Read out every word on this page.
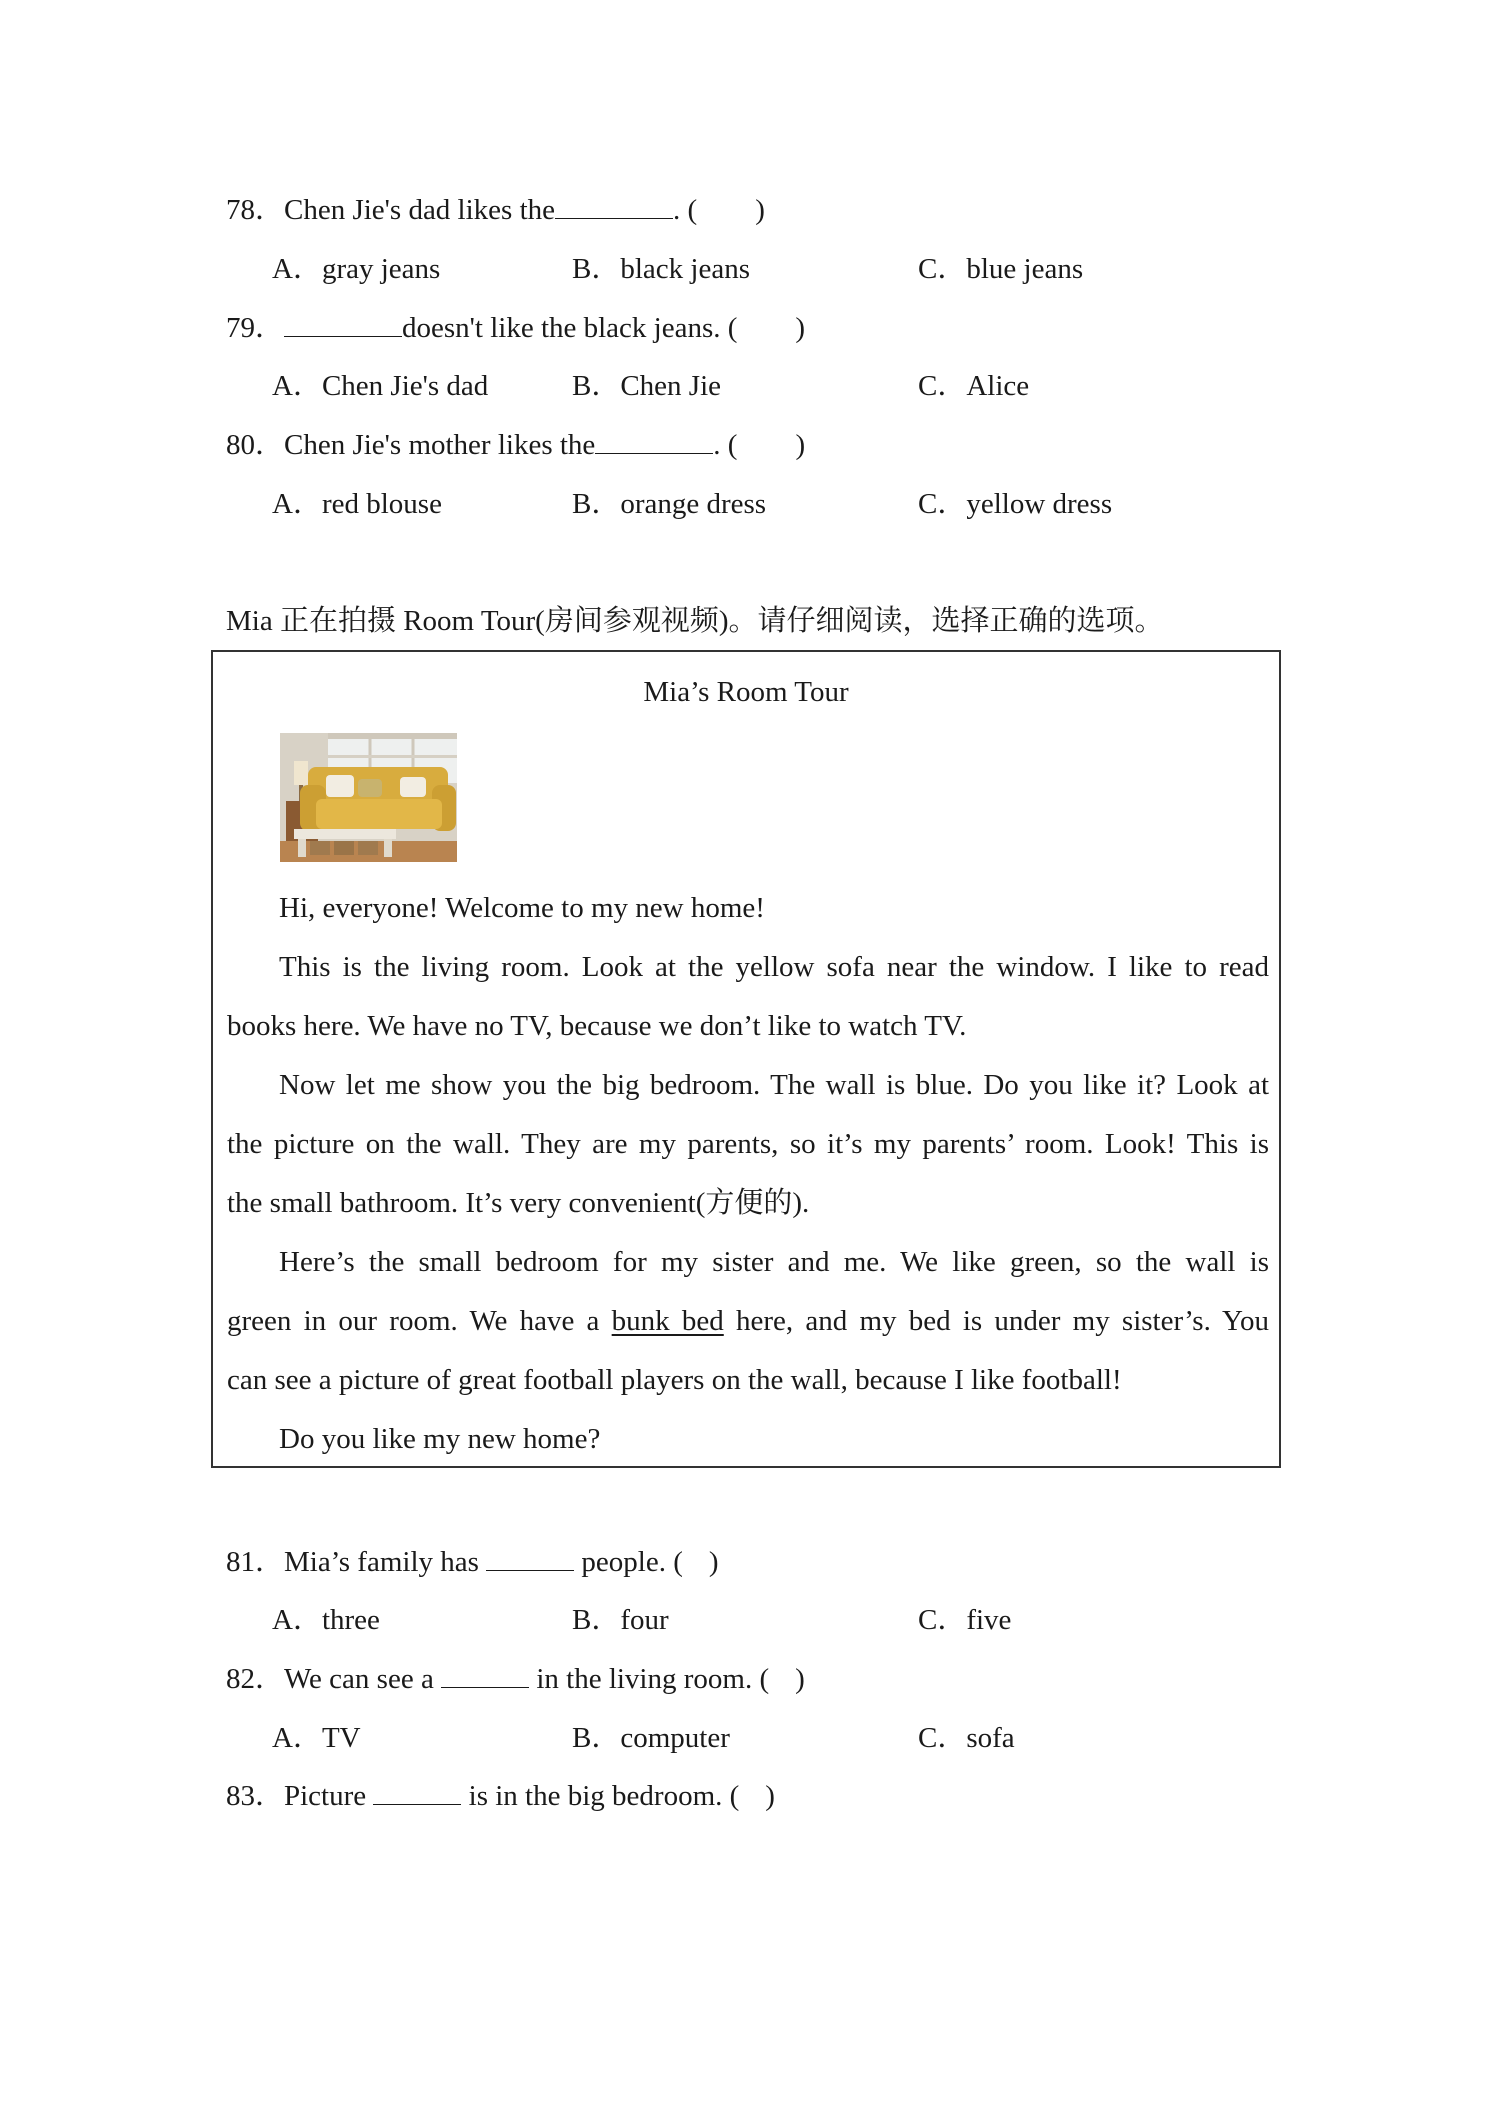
78．Chen Jie's dad likes the	. ( )
A．gray jeans	B．black jeans	C．blue jeans
79．	doesn't like the black jeans. ( )
A．Chen Jie's dad	B．Chen Jie	C．Alice
80．Chen Jie's mother likes the	. ( )
A．red blouse	B．orange dress	C．yellow dress
Mia 正在拍摄 Room Tour(房间参观视频)。请仔细阅读，选择正确的选项。
Mia’s Room Tour
Hi, everyone! Welcome to my new home!
This is the living room. Look at the yellow sofa near the window. I like to read
books here. We have no TV, because we don’t like to watch TV.
Now let me show you the big bedroom. The wall is blue. Do you like it? Look at
the picture on the wall. They are my parents, so it’s my parents’ room. Look! This is
the small bathroom. It’s very convenient(方便的).
Here’s the small bedroom for my sister and me. We like green, so the wall is
green in our room. We have a bunk bed here, and my bed is under my sister’s. You
can see a picture of great football players on the wall, because I like football!
Do you like my new home?
81．Mia’s family has	people. ( )
A．three	B．four	C．five
82．We can see a	in the living room. ( )
A．TV	B．computer	C．sofa
83．Picture	is in the big bedroom. ( )
